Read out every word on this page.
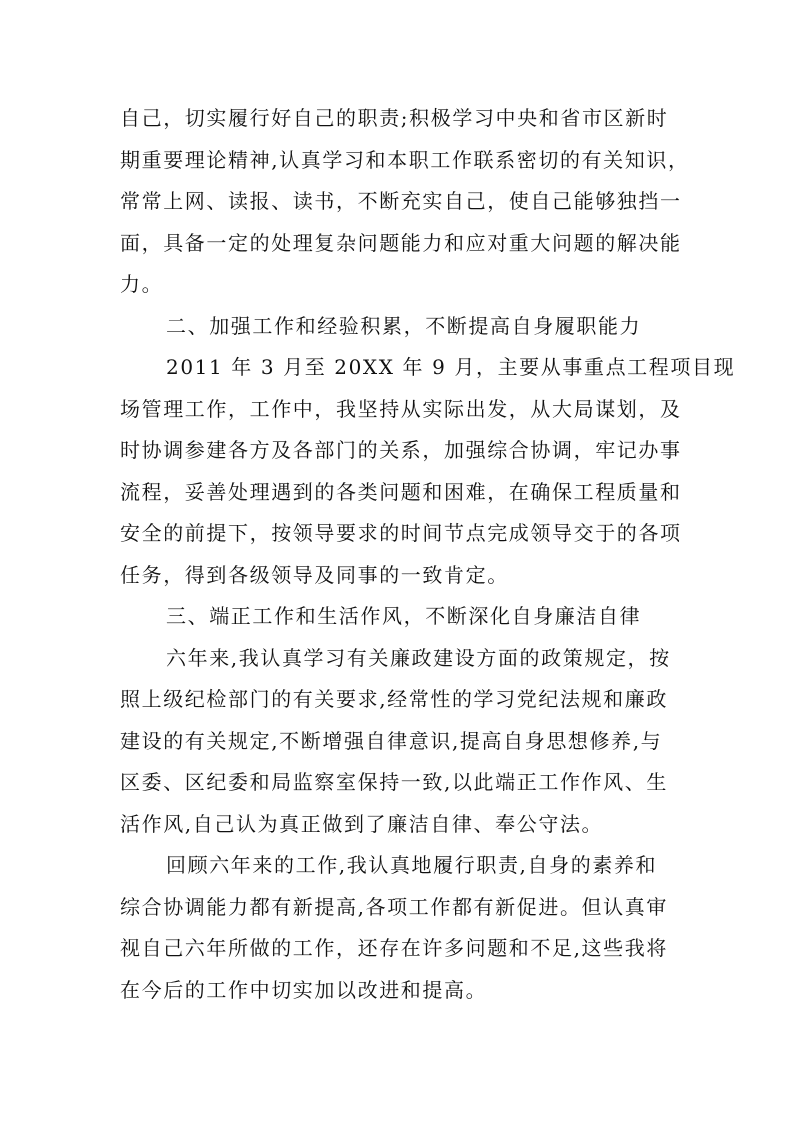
自己，切实履行好自己的职责;积极学习中央和省市区新时
期重要理论精神,认真学习和本职工作联系密切的有关知识，
常常上网、读报、读书，不断充实自己，使自己能够独挡一
面，具备一定的处理复杂问题能力和应对重大问题的解决能
力。
二、加强工作和经验积累，不断提高自身履职能力
2011 年 3 月至 20XX 年 9 月，主要从事重点工程项目现
场管理工作，工作中，我坚持从实际出发，从大局谋划，及
时协调参建各方及各部门的关系，加强综合协调，牢记办事
流程，妥善处理遇到的各类问题和困难，在确保工程质量和
安全的前提下，按领导要求的时间节点完成领导交于的各项
任务，得到各级领导及同事的一致肯定。
三、端正工作和生活作风，不断深化自身廉洁自律
六年来,我认真学习有关廉政建设方面的政策规定，按
照上级纪检部门的有关要求,经常性的学习党纪法规和廉政
建设的有关规定,不断增强自律意识,提高自身思想修养,与
区委、区纪委和局监察室保持一致,以此端正工作作风、生
活作风,自己认为真正做到了廉洁自律、奉公守法。
回顾六年来的工作,我认真地履行职责,自身的素养和
综合协调能力都有新提高,各项工作都有新促进。但认真审
视自己六年所做的工作，还存在许多问题和不足,这些我将
在今后的工作中切实加以改进和提高。
